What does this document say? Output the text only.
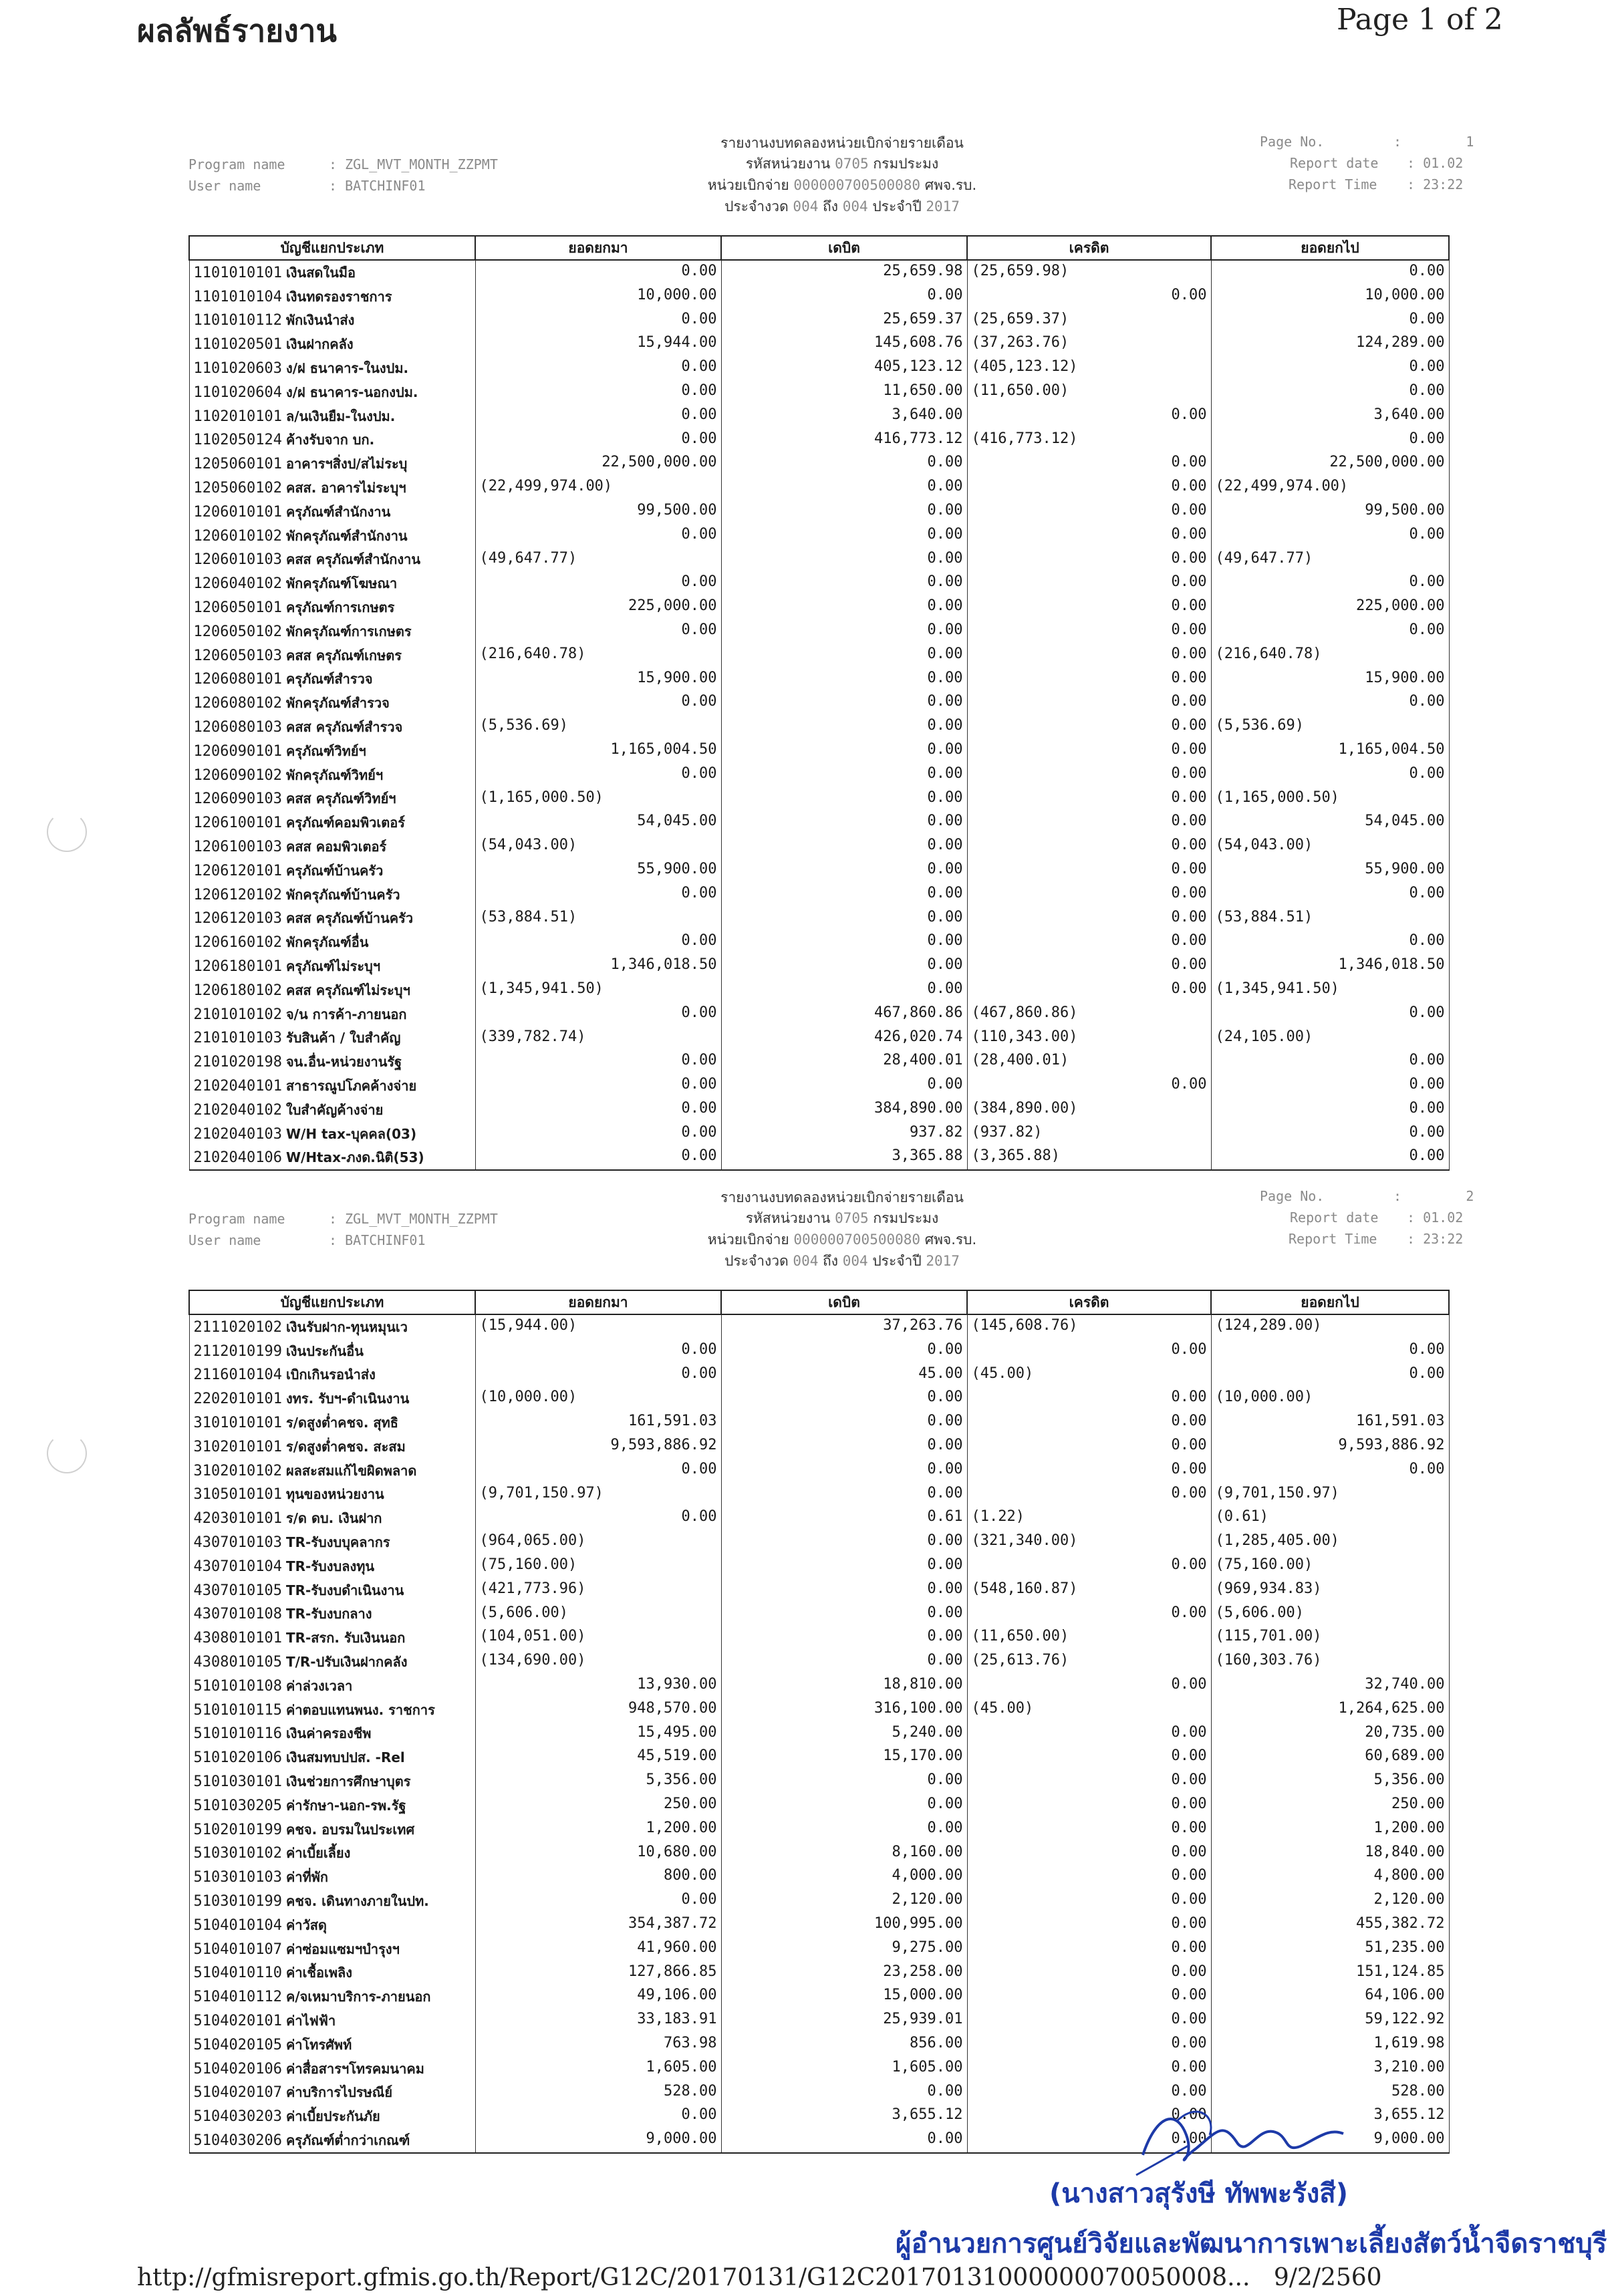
ผลลัพธ์รายงาน	Page 1 of 2
Program name	: ZGL_MVT_MONTH_ZZPMT
User name	: BATCHINF01
Page No.	:        1
Report date : 01.02
Report Time : 23:22
รายงานงบทดลองหน่วยเบิกจ่ายรายเดือน
รหัสหน่วยงาน 0705 กรมประมง
หน่วยเบิกจ่าย 000000700500080 ศพจ.รบ.
ประจำงวด 004 ถึง 004 ประจำปี 2017
บัญชีแยกประเภท	ยอดยกมา	เดบิต	เครดิต	ยอดยกไป
1101010101 เงินสดในมือ	0.00	25,659.98	(25,659.98)	0.00

1101010104 เงินทดรองราชการ	10,000.00	0.00	0.00	10,000.00

1101010112 พักเงินนำส่ง	0.00	25,659.37	(25,659.37)	0.00

1101020501 เงินฝากคลัง	15,944.00	145,608.76	(37,263.76)	124,289.00

1101020603 ง/ฝ ธนาคาร-ในงปม.	0.00	405,123.12	(405,123.12)	0.00

1101020604 ง/ฝ ธนาคาร-นอกงปม.	0.00	11,650.00	(11,650.00)	0.00

1102010101 ล/นเงินยืม-ในงปม.	0.00	3,640.00	0.00	3,640.00

1102050124 ค้างรับจาก บก.	0.00	416,773.12	(416,773.12)	0.00

1205060101 อาคารฯสิ่งป/สไม่ระบุ	22,500,000.00	0.00	0.00	22,500,000.00

1205060102 คสส. อาคารไม่ระบุฯ	(22,499,974.00)	0.00	0.00	(22,499,974.00)

1206010101 ครุภัณฑ์สำนักงาน	99,500.00	0.00	0.00	99,500.00

1206010102 พักครุภัณฑ์สำนักงาน	0.00	0.00	0.00	0.00

1206010103 คสส ครุภัณฑ์สำนักงาน	(49,647.77)	0.00	0.00	(49,647.77)

1206040102 พักครุภัณฑ์โฆษณา	0.00	0.00	0.00	0.00

1206050101 ครุภัณฑ์การเกษตร	225,000.00	0.00	0.00	225,000.00

1206050102 พักครุภัณฑ์การเกษตร	0.00	0.00	0.00	0.00

1206050103 คสส ครุภัณฑ์เกษตร	(216,640.78)	0.00	0.00	(216,640.78)

1206080101 ครุภัณฑ์สำรวจ	15,900.00	0.00	0.00	15,900.00

1206080102 พักครุภัณฑ์สำรวจ	0.00	0.00	0.00	0.00

1206080103 คสส ครุภัณฑ์สำรวจ	(5,536.69)	0.00	0.00	(5,536.69)

1206090101 ครุภัณฑ์วิทย์ฯ	1,165,004.50	0.00	0.00	1,165,004.50

1206090102 พักครุภัณฑ์วิทย์ฯ	0.00	0.00	0.00	0.00

1206090103 คสส ครุภัณฑ์วิทย์ฯ	(1,165,000.50)	0.00	0.00	(1,165,000.50)

1206100101 ครุภัณฑ์คอมพิวเตอร์	54,045.00	0.00	0.00	54,045.00

1206100103 คสส คอมพิวเตอร์	(54,043.00)	0.00	0.00	(54,043.00)

1206120101 ครุภัณฑ์บ้านครัว	55,900.00	0.00	0.00	55,900.00

1206120102 พักครุภัณฑ์บ้านครัว	0.00	0.00	0.00	0.00

1206120103 คสส ครุภัณฑ์บ้านครัว	(53,884.51)	0.00	0.00	(53,884.51)

1206160102 พักครุภัณฑ์อื่น	0.00	0.00	0.00	0.00

1206180101 ครุภัณฑ์ไม่ระบุฯ	1,346,018.50	0.00	0.00	1,346,018.50

1206180102 คสส ครุภัณฑ์ไม่ระบุฯ	(1,345,941.50)	0.00	0.00	(1,345,941.50)

2101010102 จ/น การค้า-ภายนอก	0.00	467,860.86	(467,860.86)	0.00

2101010103 รับสินค้า / ใบสำคัญ	(339,782.74)	426,020.74	(110,343.00)	(24,105.00)

2101020198 จน.อื่น-หน่วยงานรัฐ	0.00	28,400.01	(28,400.01)	0.00

2102040101 สาธารณูปโภคค้างจ่าย	0.00	0.00	0.00	0.00

2102040102 ใบสำคัญค้างจ่าย	0.00	384,890.00	(384,890.00)	0.00

2102040103 W/H tax-บุคคล(03)	0.00	937.82	(937.82)	0.00

2102040106 W/Htax-ภงด.นิติ(53)	0.00	3,365.88	(3,365.88)	0.00
Program name	: ZGL_MVT_MONTH_ZZPMT
User name	: BATCHINF01
Page No.	:        2
Report date : 01.02
Report Time : 23:22
รายงานงบทดลองหน่วยเบิกจ่ายรายเดือน
รหัสหน่วยงาน 0705 กรมประมง
หน่วยเบิกจ่าย 000000700500080 ศพจ.รบ.
ประจำงวด 004 ถึง 004 ประจำปี 2017
บัญชีแยกประเภท	ยอดยกมา	เดบิต	เครดิต	ยอดยกไป
2111020102 เงินรับฝาก-ทุนหมุนเว	(15,944.00)	37,263.76	(145,608.76)	(124,289.00)

2112010199 เงินประกันอื่น	0.00	0.00	0.00	0.00

2116010104 เบิกเกินรอนำส่ง	0.00	45.00	(45.00)	0.00

2202010101 งทร. รับฯ-ดำเนินงาน	(10,000.00)	0.00	0.00	(10,000.00)

3101010101 ร/ดสูงต่ำคชจ. สุทธิ	161,591.03	0.00	0.00	161,591.03

3102010101 ร/ดสูงต่ำคชจ. สะสม	9,593,886.92	0.00	0.00	9,593,886.92

3102010102 ผลสะสมแก้ไขผิดพลาด	0.00	0.00	0.00	0.00

3105010101 ทุนของหน่วยงาน	(9,701,150.97)	0.00	0.00	(9,701,150.97)

4203010101 ร/ด ดบ. เงินฝาก	0.00	0.61	(1.22)	(0.61)

4307010103 TR-รับงบบุคลากร	(964,065.00)	0.00	(321,340.00)	(1,285,405.00)

4307010104 TR-รับงบลงทุน	(75,160.00)	0.00	0.00	(75,160.00)

4307010105 TR-รับงบดำเนินงาน	(421,773.96)	0.00	(548,160.87)	(969,934.83)

4307010108 TR-รับงบกลาง	(5,606.00)	0.00	0.00	(5,606.00)

4308010101 TR-สรก. รับเงินนอก	(104,051.00)	0.00	(11,650.00)	(115,701.00)

4308010105 T/R-ปรับเงินฝากคลัง	(134,690.00)	0.00	(25,613.76)	(160,303.76)

5101010108 ค่าล่วงเวลา	13,930.00	18,810.00	0.00	32,740.00

5101010115 ค่าตอบแทนพนง. ราชการ	948,570.00	316,100.00	(45.00)	1,264,625.00

5101010116 เงินค่าครองชีพ	15,495.00	5,240.00	0.00	20,735.00

5101020106 เงินสมทบปปส. -Rel	45,519.00	15,170.00	0.00	60,689.00

5101030101 เงินช่วยการศึกษาบุตร	5,356.00	0.00	0.00	5,356.00

5101030205 ค่ารักษา-นอก-รพ.รัฐ	250.00	0.00	0.00	250.00

5102010199 คชจ. อบรมในประเทศ	1,200.00	0.00	0.00	1,200.00

5103010102 ค่าเบี้ยเลี้ยง	10,680.00	8,160.00	0.00	18,840.00

5103010103 ค่าที่พัก	800.00	4,000.00	0.00	4,800.00

5103010199 คชจ. เดินทางภายในปท.	0.00	2,120.00	0.00	2,120.00

5104010104 ค่าวัสดุ	354,387.72	100,995.00	0.00	455,382.72

5104010107 ค่าซ่อมแซมฯบำรุงฯ	41,960.00	9,275.00	0.00	51,235.00

5104010110 ค่าเชื้อเพลิง	127,866.85	23,258.00	0.00	151,124.85

5104010112 ค/จเหมาบริการ-ภายนอก	49,106.00	15,000.00	0.00	64,106.00

5104020101 ค่าไฟฟ้า	33,183.91	25,939.01	0.00	59,122.92

5104020105 ค่าโทรศัพท์	763.98	856.00	0.00	1,619.98

5104020106 ค่าสื่อสารฯโทรคมนาคม	1,605.00	1,605.00	0.00	3,210.00

5104020107 ค่าบริการไปรษณีย์	528.00	0.00	0.00	528.00

5104030203 ค่าเบี้ยประกันภัย	0.00	3,655.12	0.00	3,655.12

5104030206 ครุภัณฑ์ต่ำกว่าเกณฑ์	9,000.00	0.00	0.00	9,000.00
(นางสาวสุรังษี ทัพพะรังสี)
ผู้อำนวยการศูนย์วิจัยและพัฒนาการเพาะเลี้ยงสัตว์น้ำจืดราชบุรี
http://gfmisreport.gfmis.go.th/Report/G12C/20170131/G12C20170131000000070050008... 9/2/2560
